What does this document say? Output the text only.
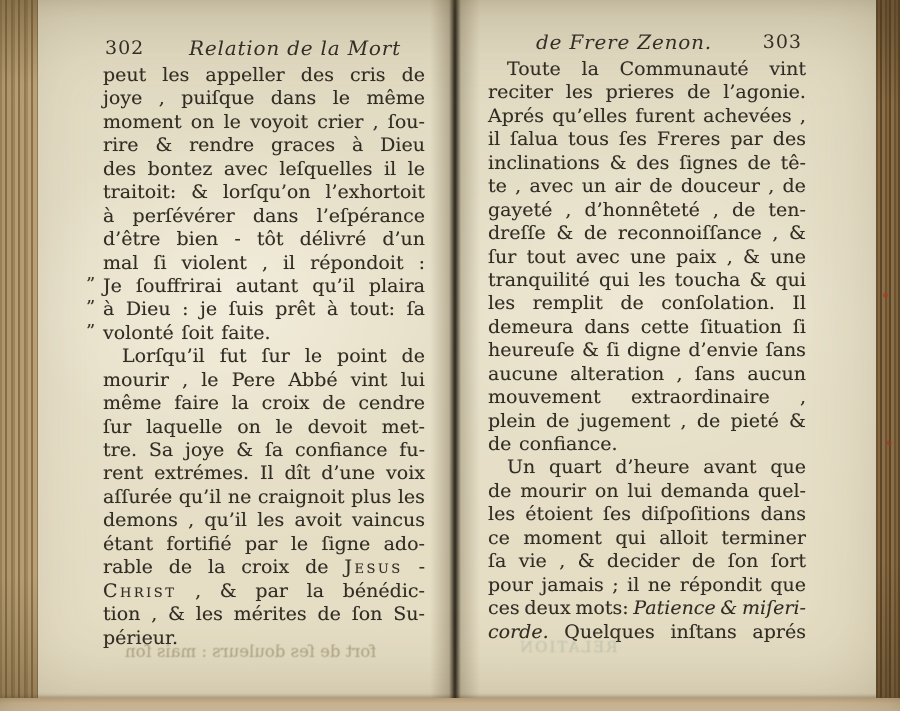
302	Relation de la Mort
peut les appeller des cris de
joye , puiſque dans le même
moment on le voyoit crier , ſou-
rire & rendre graces à Dieu
des bontez avec leſquelles il le
traitoit: & lorſqu’on l’exhortoit
à perſévérer dans l’eſpérance
d’être bien - tôt délivré d’un
mal ſi violent , il répondoit :
” Je ſouffrirai autant qu’il plaira
” à Dieu : je ſuis prêt à tout: ſa
” volonté ſoit faite.
Lorſqu’il fut ſur le point de
mourir , le Pere Abbé vint lui
même faire la croix de cendre
ſur laquelle on le devoit met-
tre. Sa joye & ſa confiance fu-
rent extrémes. Il dît d’une voix
aſſurée qu’il ne craignoit plus les
demons , qu’il les avoit vaincus
étant fortifié par le ſigne ado-
rable de la croix de Jesus -
Christ , & par la bénédic-
tion , & les mérites de ſon Su-
périeur.
fort de ſes douleurs : mais ſon
de Frere Zenon.	303
Toute la Communauté vint
reciter les prieres de l’agonie.
Aprés qu’elles furent achevées ,
il ſalua tous ſes Freres par des
inclinations & des ſignes de tê-
te , avec un air de douceur , de
gayeté , d’honnêteté , de ten-
dreſſe & de reconnoiſſance , &
ſur tout avec une paix , & une
tranquilité qui les toucha & qui
les remplit de conſolation. Il
demeura dans cette ſituation ſi
heureuſe & ſi digne d’envie ſans
aucune alteration , ſans aucun
mouvement extraordinaire ,
plein de jugement , de pieté &
de confiance.
Un quart d’heure avant que
de mourir on lui demanda quel-
les étoient ſes diſpoſitions dans
ce moment qui alloit terminer
ſa vie , & decider de ſon ſort
pour jamais ; il ne répondit que
ces deux mots: Patience & miſeri-
corde. Quelques inſtans aprés
RELATION
